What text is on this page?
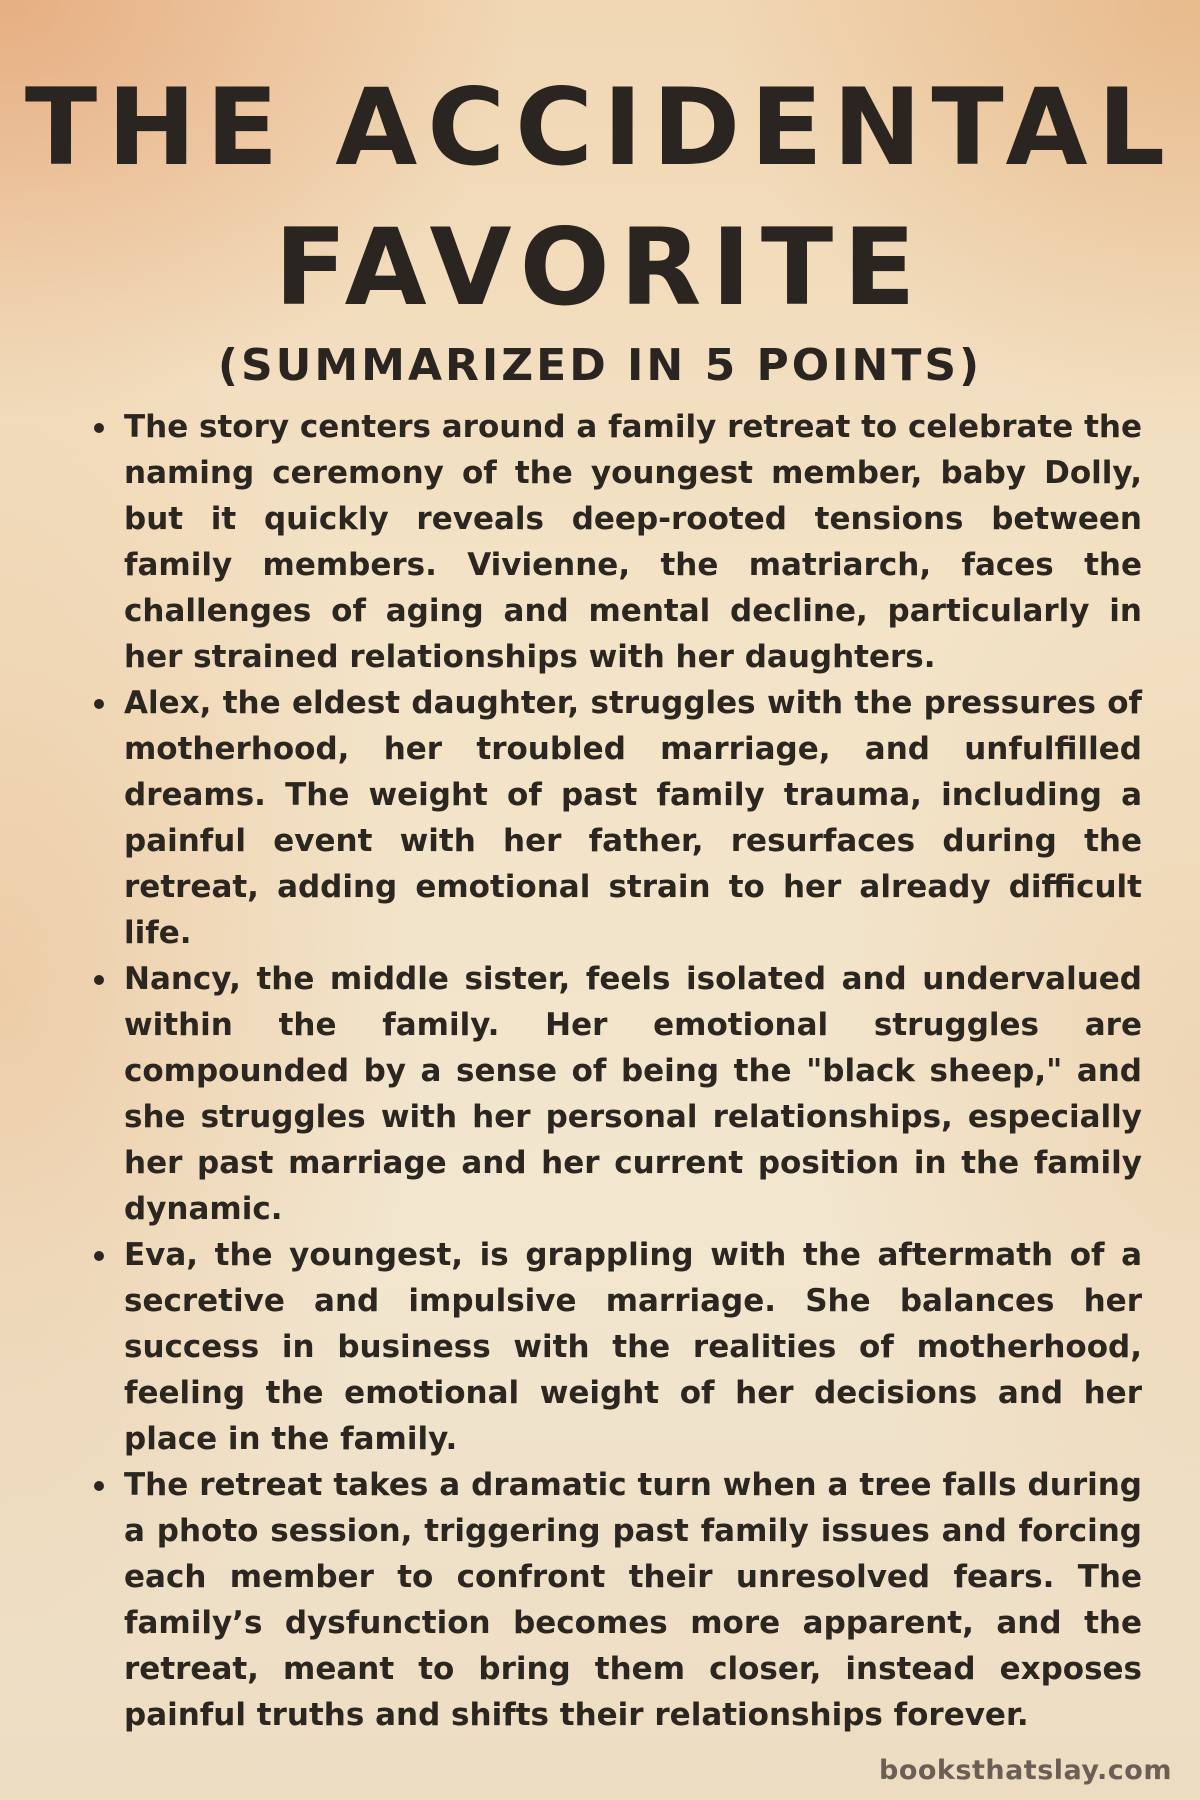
THE ACCIDENTAL
FAVORITE
(SUMMARIZED IN 5 POINTS)
The story centers around a family retreat to celebrate the naming ceremony of the youngest member, baby Dolly, but it quickly reveals deep-rooted tensions between family members. Vivienne, the matriarch, faces the challenges of aging and mental decline, particularly in her strained relationships with her daughters.
Alex, the eldest daughter, struggles with the pressures of motherhood, her troubled marriage, and unfulfilled dreams. The weight of past family trauma, including a painful event with her father, resurfaces during the retreat, adding emotional strain to her already difficult life.
Nancy, the middle sister, feels isolated and undervalued within the family. Her emotional struggles are compounded by a sense of being the "black sheep," and she struggles with her personal relationships, especially her past marriage and her current position in the family dynamic.
Eva, the youngest, is grappling with the aftermath of a secretive and impulsive marriage. She balances her success in business with the realities of motherhood, feeling the emotional weight of her decisions and her place in the family.
The retreat takes a dramatic turn when a tree falls during a photo session, triggering past family issues and forcing each member to confront their unresolved fears. The family’s dysfunction becomes more apparent, and the retreat, meant to bring them closer, instead exposes painful truths and shifts their relationships forever.
booksthatslay.com
